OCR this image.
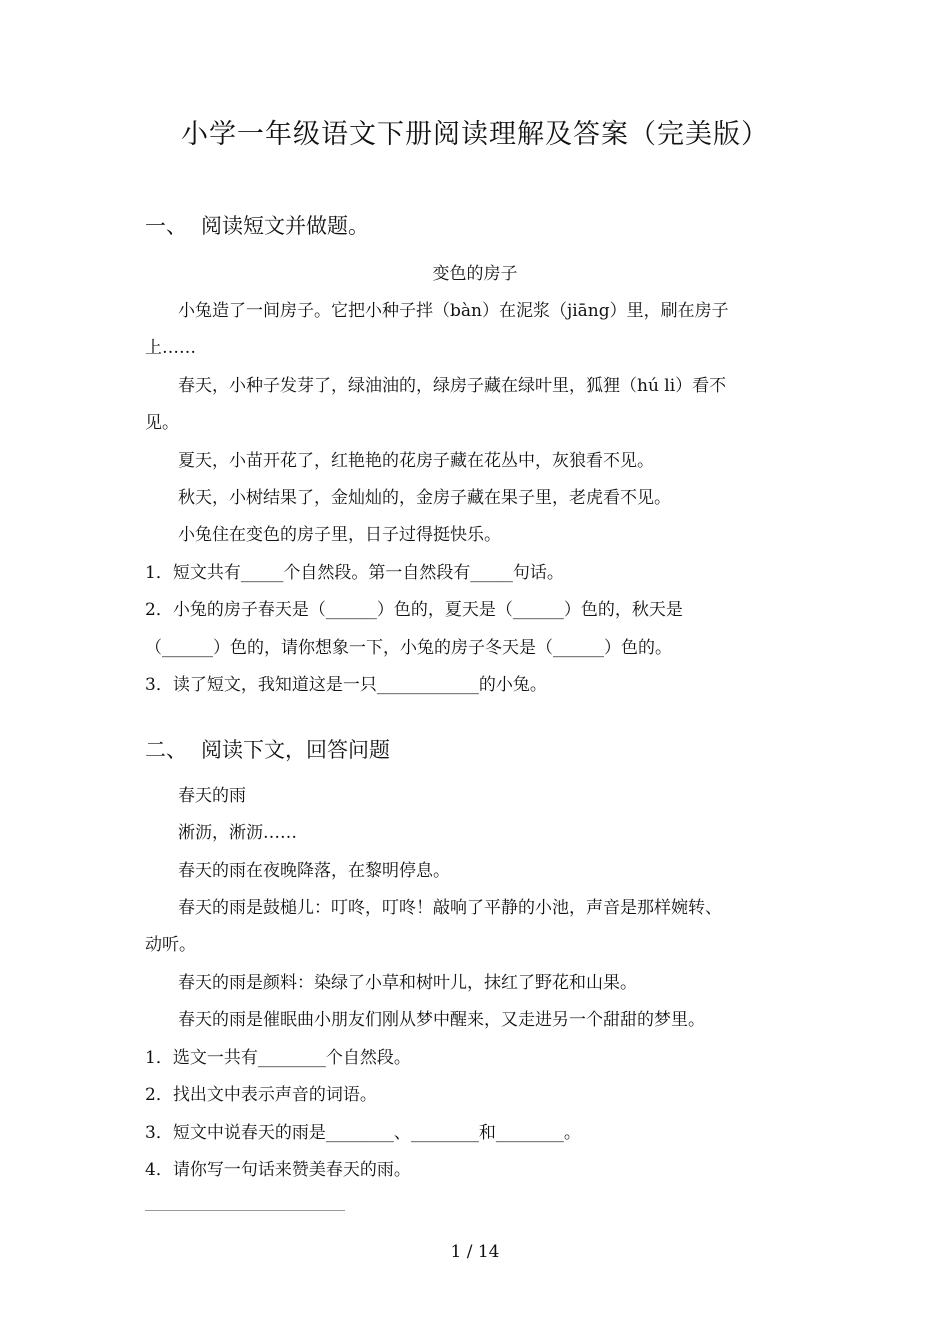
小学一年级语文下册阅读理解及答案（完美版）
一、 阅读短文并做题。
变色的房子
小兔造了一间房子。它把小种子拌（bàn）在泥浆（jiāng）里，刷在房子
上……
春天，小种子发芽了，绿油油的，绿房子藏在绿叶里，狐狸（hú li）看不
见。
夏天，小苗开花了，红艳艳的花房子藏在花丛中，灰狼看不见。
秋天，小树结果了，金灿灿的，金房子藏在果子里，老虎看不见。
小兔住在变色的房子里，日子过得挺快乐。
1．短文共有_____个自然段。第一自然段有_____句话。
2．小兔的房子春天是（______）色的，夏天是（______）色的，秋天是
（______）色的，请你想象一下，小兔的房子冬天是（______）色的。
3．读了短文，我知道这是一只____________的小兔。
二、 阅读下文，回答问题
春天的雨
淅沥，淅沥……
春天的雨在夜晚降落，在黎明停息。
春天的雨是鼓槌儿：叮咚，叮咚！敲响了平静的小池，声音是那样婉转、
动听。
春天的雨是颜料：染绿了小草和树叶儿，抹红了野花和山果。
春天的雨是催眠曲小朋友们刚从梦中醒来，又走进另一个甜甜的梦里。
1．选文一共有________个自然段。
2．找出文中表示声音的词语。
3．短文中说春天的雨是________、________和________。
4．请你写一句话来赞美春天的雨。
1 / 14
